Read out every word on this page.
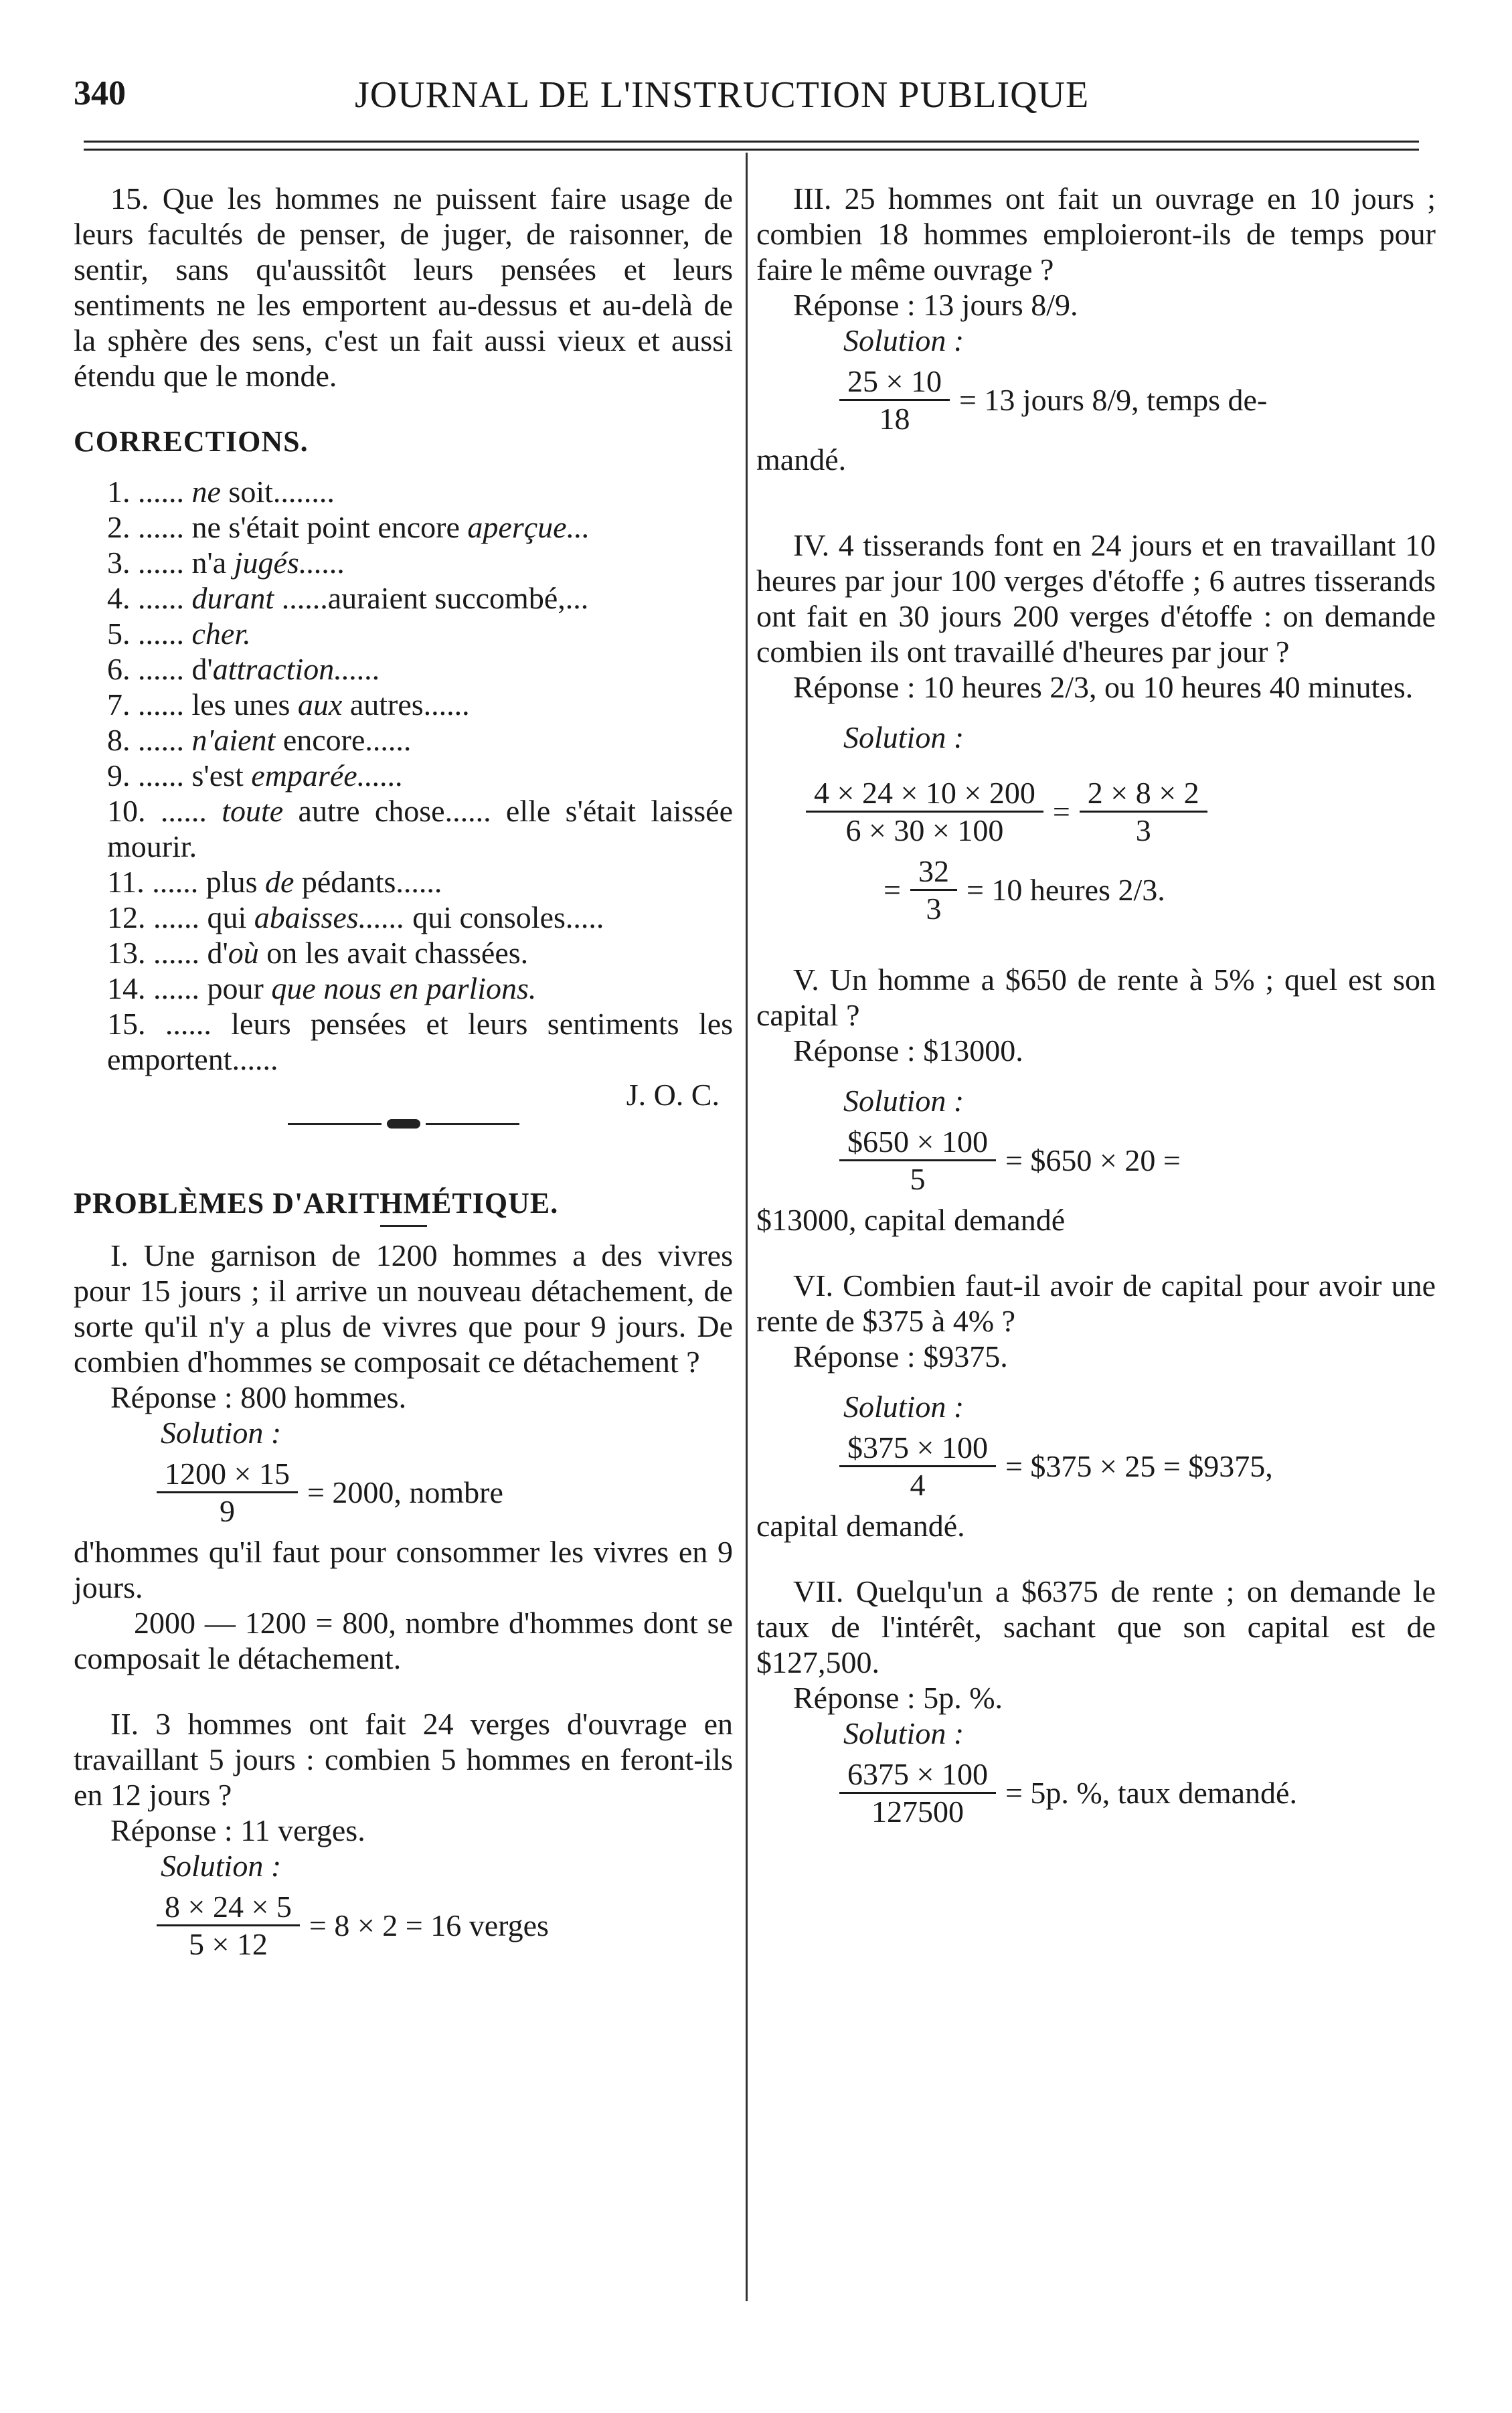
340	JOURNAL DE L'INSTRUCTION PUBLIQUE

15. Que les hommes ne puissent faire usage de leurs facultés de penser, de juger, de raisonner, de sentir, sans qu'aussitôt leurs pensées et leurs sentiments ne les emportent au-dessus et au-delà de la sphère des sens, c'est un fait aussi vieux et aussi étendu que le monde.

CORRECTIONS.

1. ...... ne soit........

2. ...... ne s'était point encore aperçue...

3. ...... n'a jugés......

4. ...... durant ......auraient succombé,...

5. ...... cher.

6. ...... d'attraction......

7. ...... les unes aux autres......

8. ...... n'aient encore......

9. ...... s'est emparée......

10. ...... toute autre chose...... elle s'était laissée mourir.

11. ...... plus de pédants......

12. ...... qui abaisses...... qui consoles.....

13. ...... d'où on les avait chassées.

14. ...... pour que nous en parlions.

15. ...... leurs pensées et leurs sentiments les emportent......

J. O. C.

PROBLÈMES D'ARITHMÉTIQUE.

I. Une garnison de 1200 hommes a des vivres pour 15 jours ; il arrive un nouveau détachement, de sorte qu'il n'y a plus de vivres que pour 9 jours. De combien d'hommes se composait ce détachement ?

Réponse : 800 hommes.

Solution :

$\frac{1200 \times 15}{9} = 2000$, nombre

d'hommes qu'il faut pour consommer les vivres en 9 jours.

2000 — 1200 = 800, nombre d'hommes dont se composait le détachement.

II. 3 hommes ont fait 24 verges d'ouvrage en travaillant 5 jours : combien 5 hommes en feront-ils en 12 jours ?

Réponse : 11 verges.

Solution :

$\frac{8 \times 24 \times 5}{5 \times 12} = 8 \times 2 = 16$ verges

III. 25 hommes ont fait un ouvrage en 10 jours ; combien 18 hommes emploieront-ils de temps pour faire le même ouvrage ?

Réponse : 13 jours 8/9.

Solution :

$\frac{25 \times 10}{18} = 13$ jours 8/9, temps de-

mandé.

IV. 4 tisserands font en 24 jours et en travaillant 10 heures par jour 100 verges d'étoffe ; 6 autres tisserands ont fait en 30 jours 200 verges d'étoffe : on demande combien ils ont travaillé d'heures par jour ?

Réponse : 10 heures 2/3, ou 10 heures 40 minutes.

Solution :

$\frac{4 \times 24 \times 10 \times 200}{6 \times 30 \times 100} = \frac{2 \times 8 \times 2}{3}$
= $\frac{32}{3} = 10$ heures 2/3.

V. Un homme a $650 de rente à 5% ; quel est son capital ?

Réponse : $13000.

Solution :

$\frac{\$650 \times 100}{5}$ = $650 × 20 =

$13000, capital demandé

VI. Combien faut-il avoir de capital pour avoir une rente de $375 à 4% ?

Réponse : $9375.

Solution :

$\frac{\$375 \times 100}{4}$ = $375 × 25 = $9375,

capital demandé.

VII. Quelqu'un a $6375 de rente ; on demande le taux de l'intérêt, sachant que son capital est de $127,500.

Réponse : 5p. %.

Solution :

$\frac{6375 \times 100}{127500} = 5p$. %, taux demandé.
